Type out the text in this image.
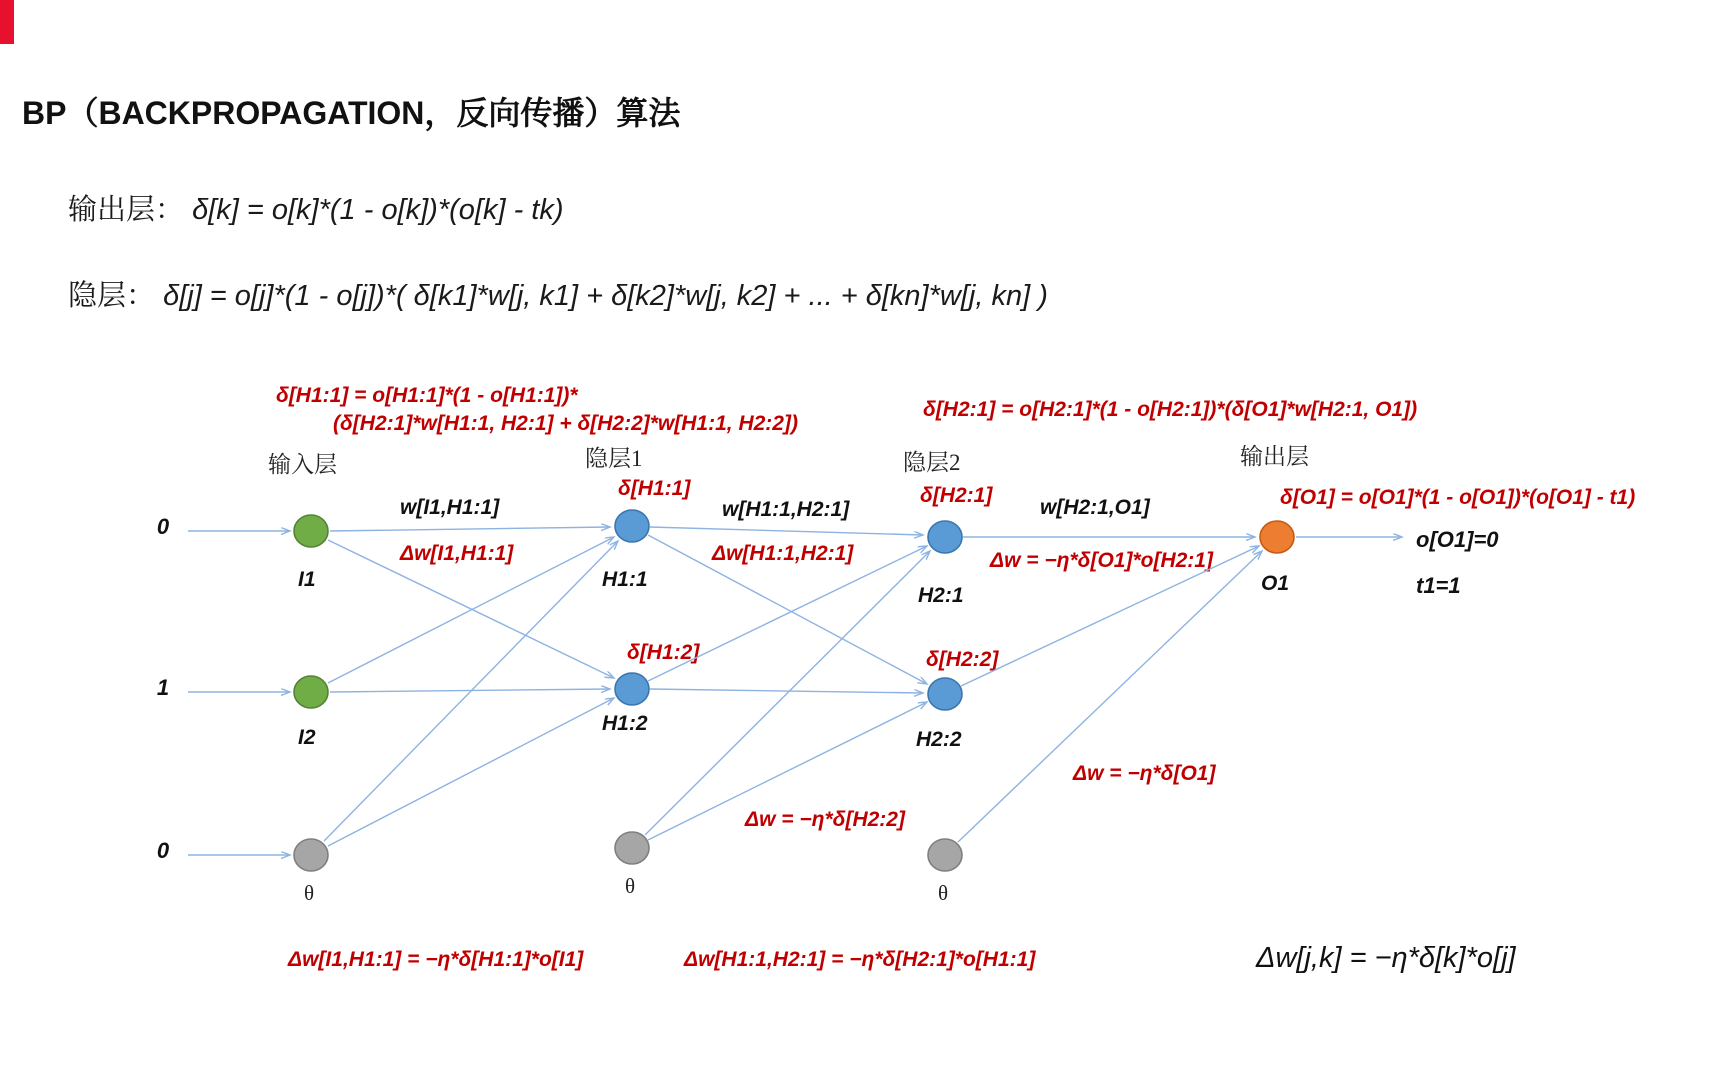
BP（BACKPROPAGATION，反向传播）算法
输出层： δ[k] = o[k]*(1 - o[k])*(o[k] - tk)
隐层： δ[j] = o[j]*(1 - o[j])*( δ[k1]*w[j, k1] + δ[k2]*w[j, k2] + ... + δ[kn]*w[j, kn] )
δ[H1:1] = o[H1:1]*(1 - o[H1:1])*
(δ[H2:1]*w[H1:1, H2:1] + δ[H2:2]*w[H1:1, H2:2])
δ[H2:1] = o[H2:1]*(1 - o[H2:1])*(δ[O1]*w[H2:1, O1])
δ[O1] = o[O1]*(1 - o[O1])*(o[O1] - t1)
输入层	隐层1	隐层2	输出层
δ[H1:1]
δ[H1:2]
δ[H2:1]
δ[H2:2]
w[I1,H1:1]	w[H1:1,H2:1]	w[H2:1,O1]
Δw[I1,H1:1]	Δw[H1:1,H2:1]	Δw = −η*δ[O1]*o[H2:1]
Δw = −η*δ[H2:2]
Δw = −η*δ[O1]
0
1
0
I1
I2
H1:1
H1:2
H2:1
H2:2
O1
θ	θ	θ
o[O1]=0
t1=1
Δw[I1,H1:1] = −η*δ[H1:1]*o[I1]	Δw[H1:1,H2:1] = −η*δ[H2:1]*o[H1:1]	Δw[j,k] = −η*δ[k]*o[j]
